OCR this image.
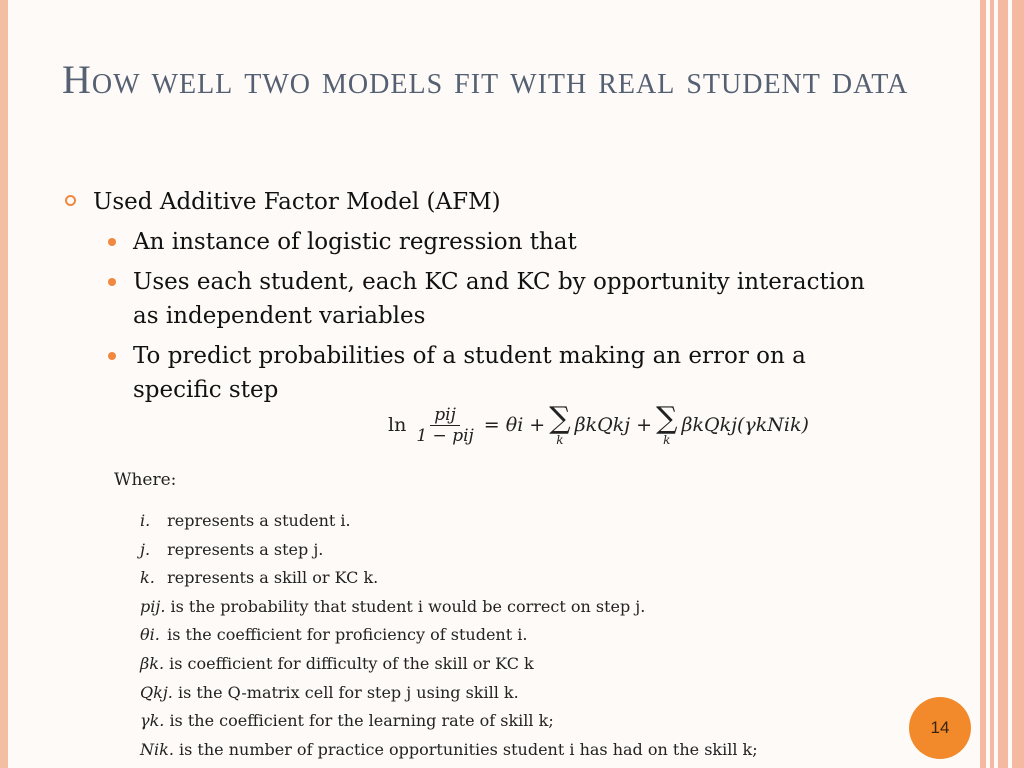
How well two models fit with real student data
Used Additive Factor Model (AFM)
An instance of logistic regression that
Uses each student, each KC and KC by opportunity interaction as independent variables
To predict probabilities of a student making an error on a specific step
$\ln \frac{\text{pij}}{\text{1 − pij}} = \theta i$ + ∑
k
βkQkj + ∑
k
βkQkj(γkNik)
Where:
i. represents a student i.
j. represents a step j.
k. represents a skill or KC k.
pij. is the probability that student i would be correct on step j.
θi. is the coefficient for proficiency of student i.
βk. is coefficient for difficulty of the skill or KC k
Qkj. is the Q-matrix cell for step j using skill k.
γk. is the coefficient for the learning rate of skill k;
Nik. is the number of practice opportunities student i has had on the skill k;
14
